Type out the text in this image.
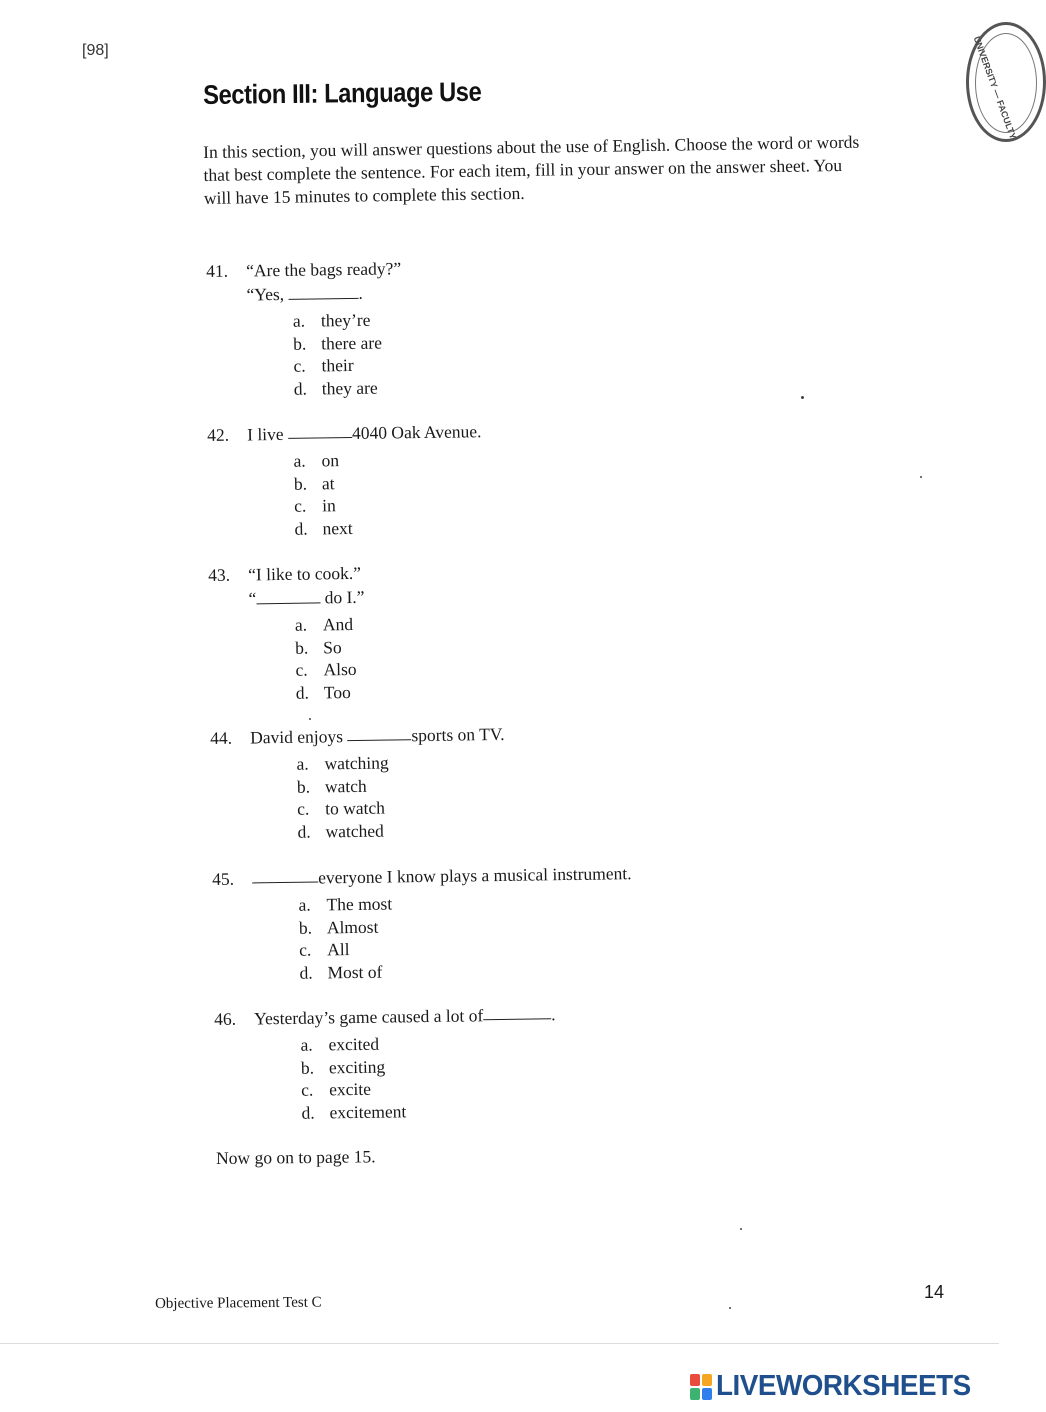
[98]	UNIVERSITY — FACULTY
Section III: Language Use

In this section, you will answer questions about the use of English. Choose the word or words that best complete the sentence. For each item, fill in your answer on the answer sheet. You will have 15 minutes to complete this section.

41.	“Are the bags ready?”
“Yes,	.
a. they’re
b. there are
c. their
d. they are
42.	I live
	4040 Oak Avenue.
a. on
b. at
c. in
d. next
43.	“I like to cook.”
“	do I.”
a. And
b. So
c. Also
d. Too
44.	David enjoys
	sports on TV.
a. watching
b. watch
c. to watch
d. watched
45.	everyone I know plays a musical instrument.
a. The most
b. Almost
c. All
d. Most of
46.	Yesterday’s game caused a lot of	.
a. excited
b. exciting
c. excite
d. excitement
Now go on to page 15.
Objective Placement Test C
14
LIVEWORKSHEETS
